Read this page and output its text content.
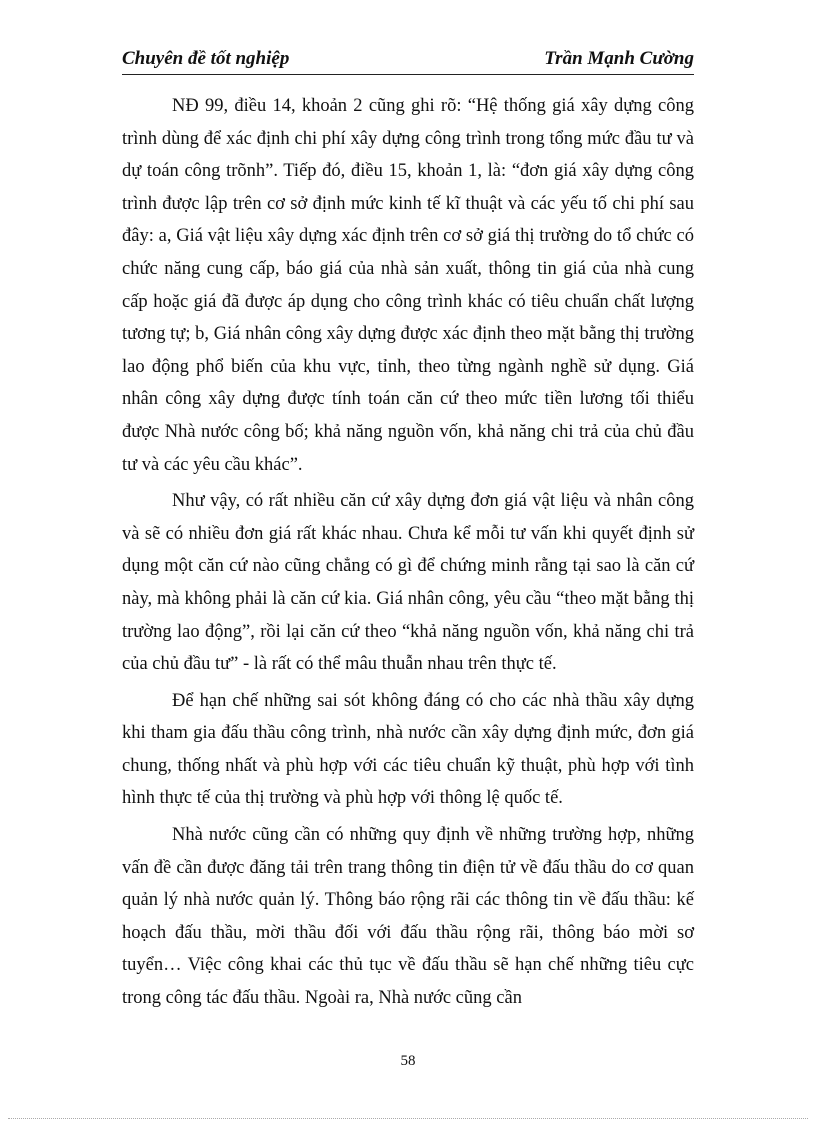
Chuyên đề tốt nghiệp	Trần Mạnh Cường

NĐ 99, điều 14, khoản 2 cũng ghi rõ: “Hệ thống giá xây dựng công trình dùng để xác định chi phí xây dựng công trình trong tổng mức đầu tư và dự toán công trõnh”. Tiếp đó, điều 15, khoản 1, là: “đơn giá xây dựng công trình được lập trên cơ sở định mức kinh tế kĩ thuật và các yếu tố chi phí sau đây: a, Giá vật liệu xây dựng xác định trên cơ sở giá thị trường do tổ chức có chức năng cung cấp, báo giá của nhà sản xuất, thông tin giá của nhà cung cấp hoặc giá đã được áp dụng cho công trình khác có tiêu chuẩn chất lượng tương tự; b, Giá nhân công xây dựng được xác định theo mặt bằng thị trường lao động phổ biến của khu vực, tỉnh, theo từng ngành nghề sử dụng. Giá nhân công xây dựng được tính toán căn cứ theo mức tiền lương tối thiểu được Nhà nước công bố; khả năng nguồn vốn, khả năng chi trả của chủ đầu tư và các yêu cầu khác”.

Như vậy, có rất nhiều căn cứ xây dựng đơn giá vật liệu và nhân công và sẽ có nhiều đơn giá rất khác nhau. Chưa kể mỗi tư vấn khi quyết định sử dụng một căn cứ nào cũng chẳng có gì để chứng minh rằng tại sao là căn cứ này, mà không phải là căn cứ kia. Giá nhân công, yêu cầu “theo mặt bằng thị trường lao động”, rồi lại căn cứ theo “khả năng nguồn vốn, khả năng chi trả của chủ đầu tư” - là rất có thể mâu thuẫn nhau trên thực tế.

Để hạn chế những sai sót không đáng có cho các nhà thầu xây dựng khi tham gia đấu thầu công trình, nhà nước cần xây dựng định mức, đơn giá chung, thống nhất và phù hợp với các tiêu chuẩn kỹ thuật, phù hợp với tình hình thực tế của thị trường và phù hợp với thông lệ quốc tế.

Nhà nước cũng cần có những quy định về những trường hợp, những vấn đề cần được đăng tải trên trang thông tin điện tử về đấu thầu do cơ quan quản lý nhà nước quản lý. Thông báo rộng rãi các thông tin về đấu thầu: kế hoạch đấu thầu, mời thầu đối với đấu thầu rộng rãi, thông báo mời sơ tuyển… Việc công khai các thủ tục về đấu thầu sẽ hạn chế những tiêu cực trong công tác đấu thầu. Ngoài ra, Nhà nước cũng cần

58
